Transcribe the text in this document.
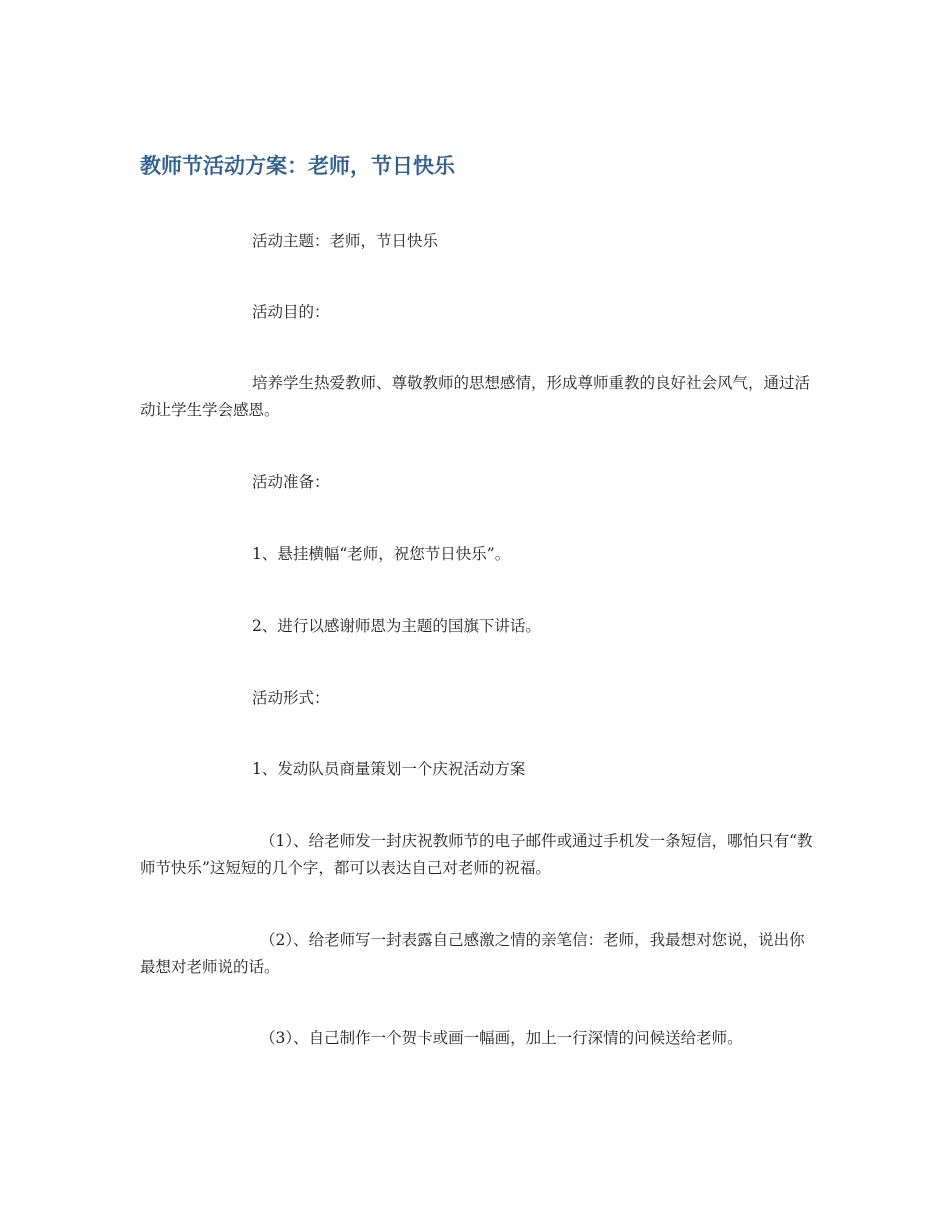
教师节活动方案：老师，节日快乐
活动主题：老师，节日快乐
活动目的：
培养学生热爱教师、尊敬教师的思想感情，形成尊师重教的良好社会风气，通过活动让学生学会感恩。
活动准备：
1、悬挂横幅“老师，祝您节日快乐”。
2、进行以感谢师恩为主题的国旗下讲话。
活动形式：
1、发动队员商量策划一个庆祝活动方案
（1）、给老师发一封庆祝教师节的电子邮件或通过手机发一条短信，哪怕只有“教师节快乐”这短短的几个字，都可以表达自己对老师的祝福。
（2）、给老师写一封表露自己感激之情的亲笔信：老师，我最想对您说，说出你最想对老师说的话。
（3）、自己制作一个贺卡或画一幅画，加上一行深情的问候送给老师。
